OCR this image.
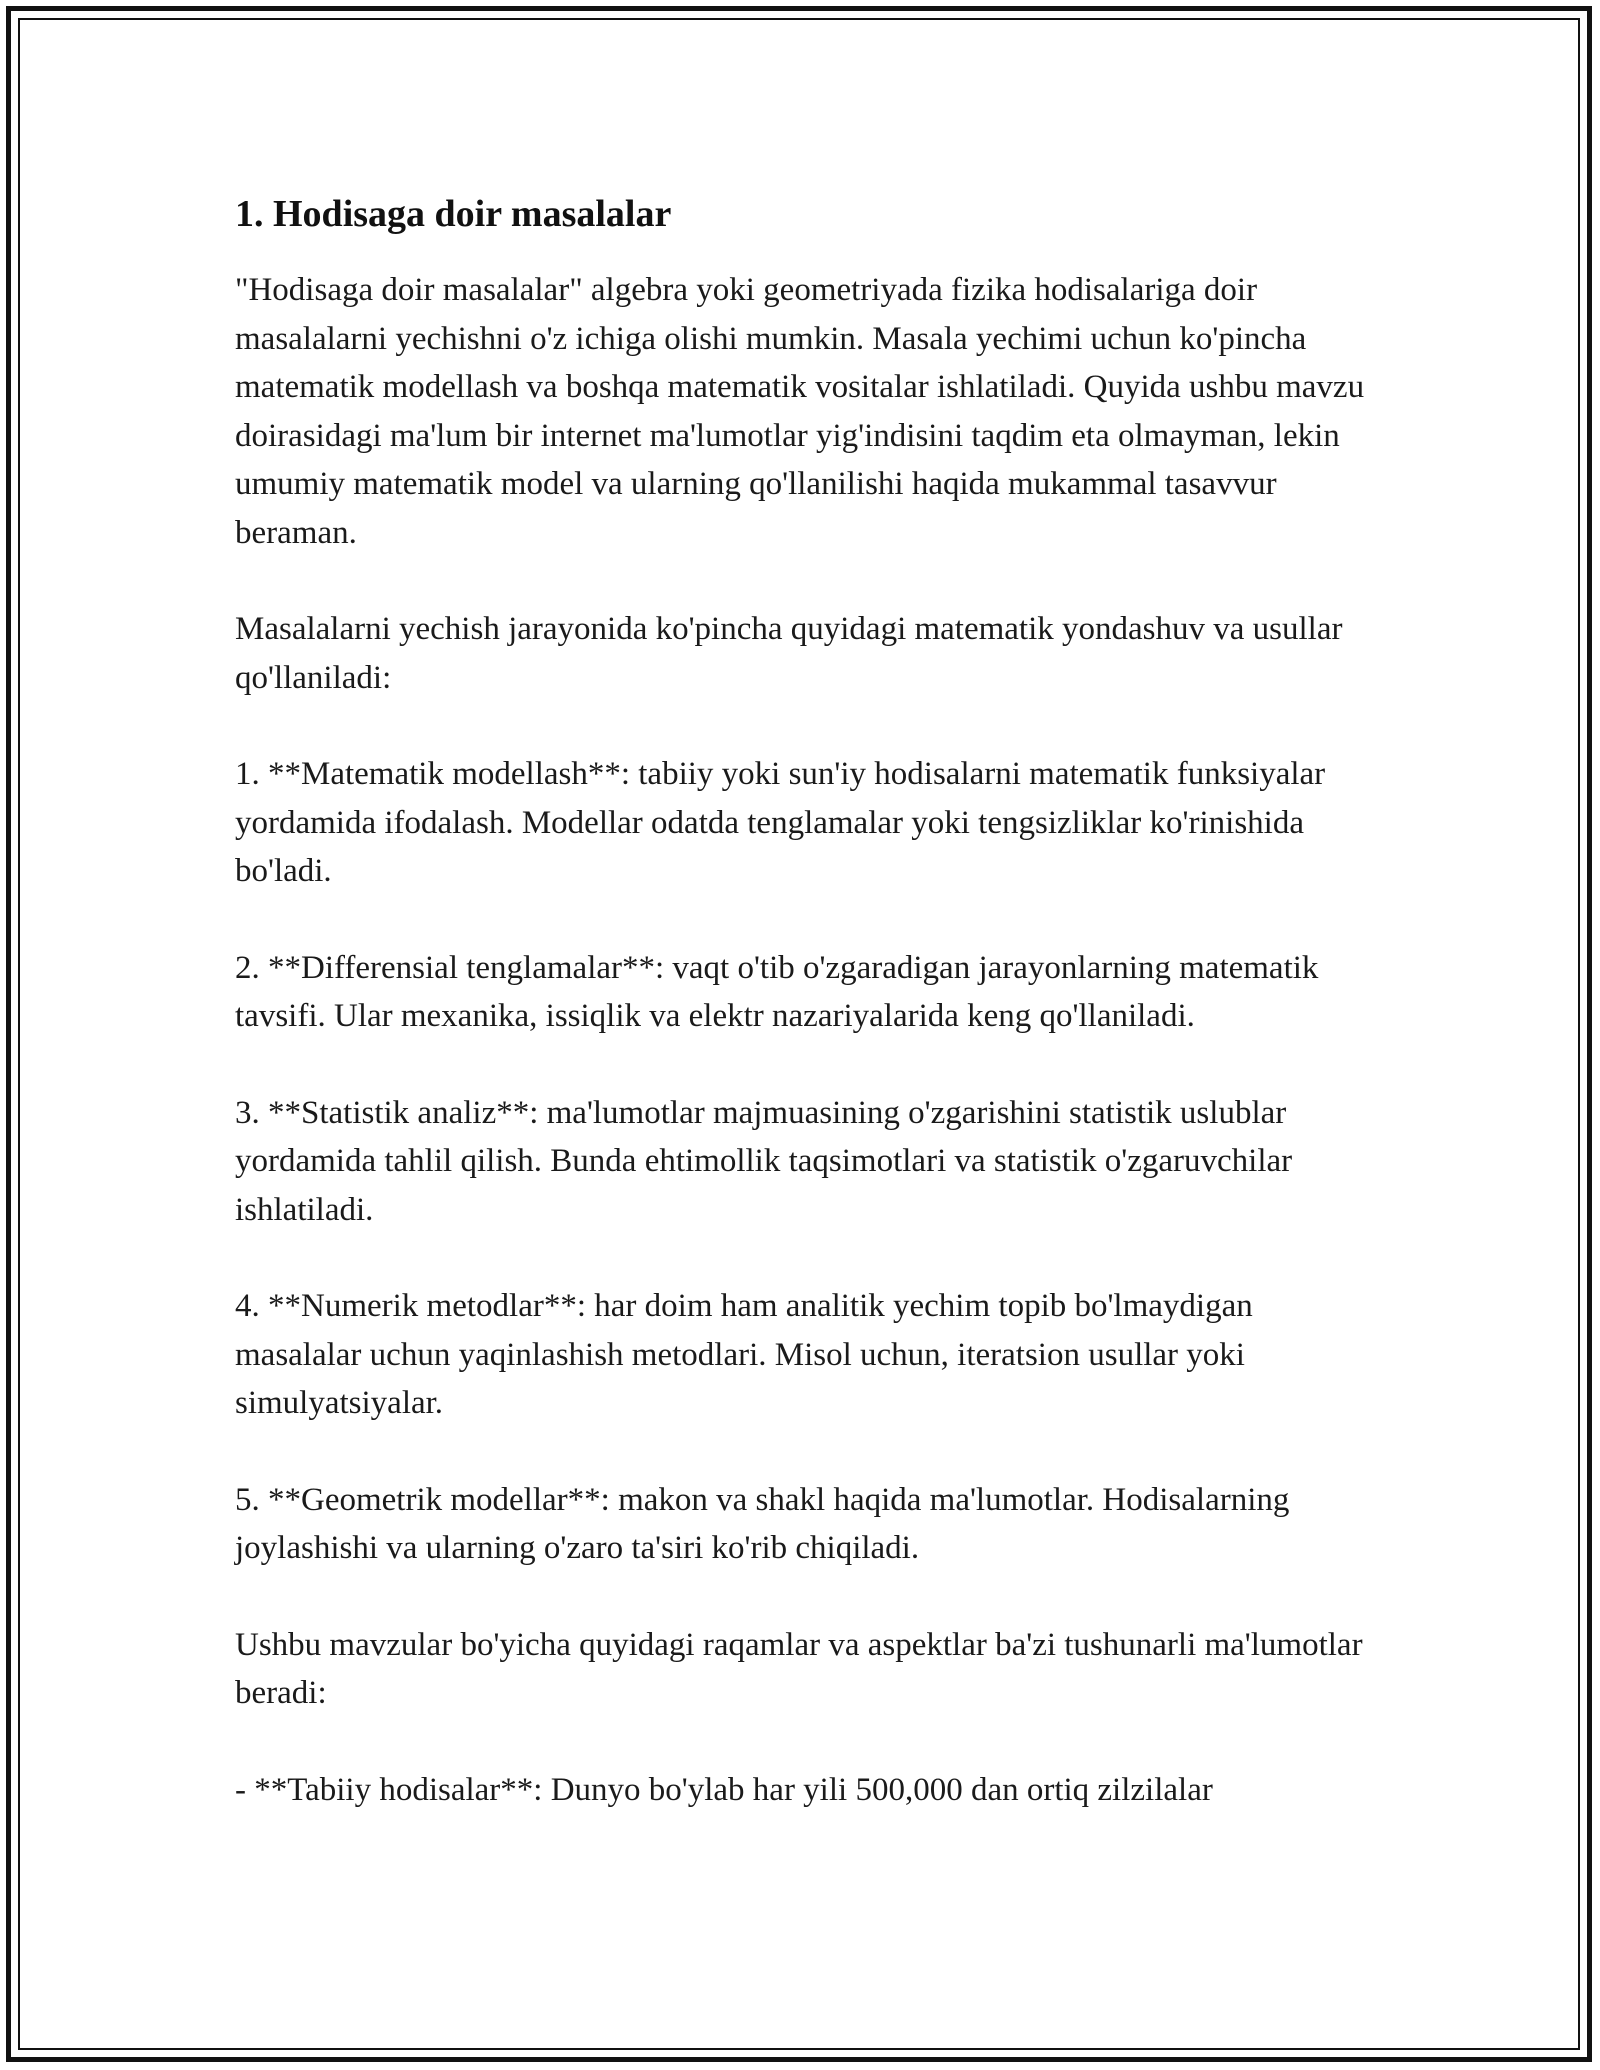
1. Hodisaga doir masalalar

"Hodisaga doir masalalar" algebra yoki geometriyada fizika hodisalariga doir masalalarni yechishni o'z ichiga olishi mumkin. Masala yechimi uchun ko'pincha matematik modellash va boshqa matematik vositalar ishlatiladi. Quyida ushbu mavzu doirasidagi ma'lum bir internet ma'lumotlar yig'indisini taqdim eta olmayman, lekin umumiy matematik model va ularning qo'llanilishi haqida mukammal tasavvur beraman.

Masalalarni yechish jarayonida ko'pincha quyidagi matematik yondashuv va usullar qo'llaniladi:

1. **Matematik modellash**: tabiiy yoki sun'iy hodisalarni matematik funksiyalar yordamida ifodalash. Modellar odatda tenglamalar yoki tengsizliklar ko'rinishida bo'ladi.

2. **Differensial tenglamalar**: vaqt o'tib o'zgaradigan jarayonlarning matematik tavsifi. Ular mexanika, issiqlik va elektr nazariyalarida keng qo'llaniladi.

3. **Statistik analiz**: ma'lumotlar majmuasining o'zgarishini statistik uslublar yordamida tahlil qilish. Bunda ehtimollik taqsimotlari va statistik o'zgaruvchilar ishlatiladi.

4. **Numerik metodlar**: har doim ham analitik yechim topib bo'lmaydigan masalalar uchun yaqinlashish metodlari. Misol uchun, iteratsion usullar yoki simulyatsiyalar.

5. **Geometrik modellar**: makon va shakl haqida ma'lumotlar. Hodisalarning joylashishi va ularning o'zaro ta'siri ko'rib chiqiladi.

Ushbu mavzular bo'yicha quyidagi raqamlar va aspektlar ba'zi tushunarli ma'lumotlar beradi:

- **Tabiiy hodisalar**: Dunyo bo'ylab har yili 500,000 dan ortiq zilzilalar
